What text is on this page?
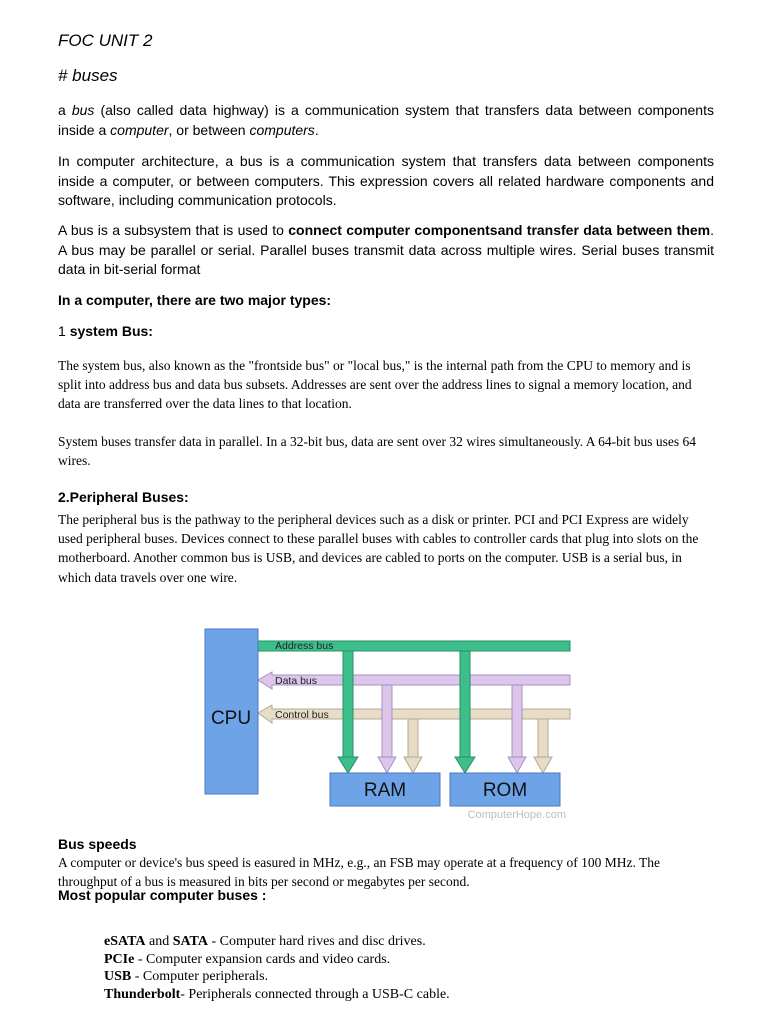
FOC UNIT 2
# buses

a bus (also called data highway) is a communication system that transfers data between components inside a computer, or between computers.

In computer architecture, a bus is a communication system that transfers data between components inside a computer, or between computers. This expression covers all related hardware components and software, including communication protocols.

A bus is a subsystem that is used to connect computer componentsand transfer data between them. A bus may be parallel or serial. Parallel buses transmit data across multiple wires. Serial buses transmit data in bit-serial format

In a computer, there are two major types:

1 system Bus:

The system bus, also known as the "frontside bus" or "local bus," is the internal path from the CPU to memory and is split into address bus and data bus subsets. Addresses are sent over the address lines to signal a memory location, and data are transferred over the data lines to that location.

System buses transfer data in parallel. In a 32-bit bus, data are sent over 32 wires simultaneously. A 64-bit bus uses 64 wires.

2.Peripheral Buses:

The peripheral bus is the pathway to the peripheral devices such as a disk or printer. PCI and PCI Express are widely used peripheral buses. Devices connect to these parallel buses with cables to controller cards that plug into slots on the motherboard. Another common bus is USB, and devices are cabled to ports on the computer. USB is a serial bus, in which data travels over one wire.

CPU
Address bus
Data bus
Control bus
RAM	ROM
ComputerHope.com

Bus speeds

A computer or device's bus speed is easured in MHz, e.g., an FSB may operate at a frequency of 100 MHz. The throughput of a bus is measured in bits per second or megabytes per second.

Most popular computer buses :

eSATA and SATA - Computer hard rives and disc drives.
PCIe - Computer expansion cards and video cards.
USB - Computer peripherals.
Thunderbolt- Peripherals connected through a USB-C cable.
